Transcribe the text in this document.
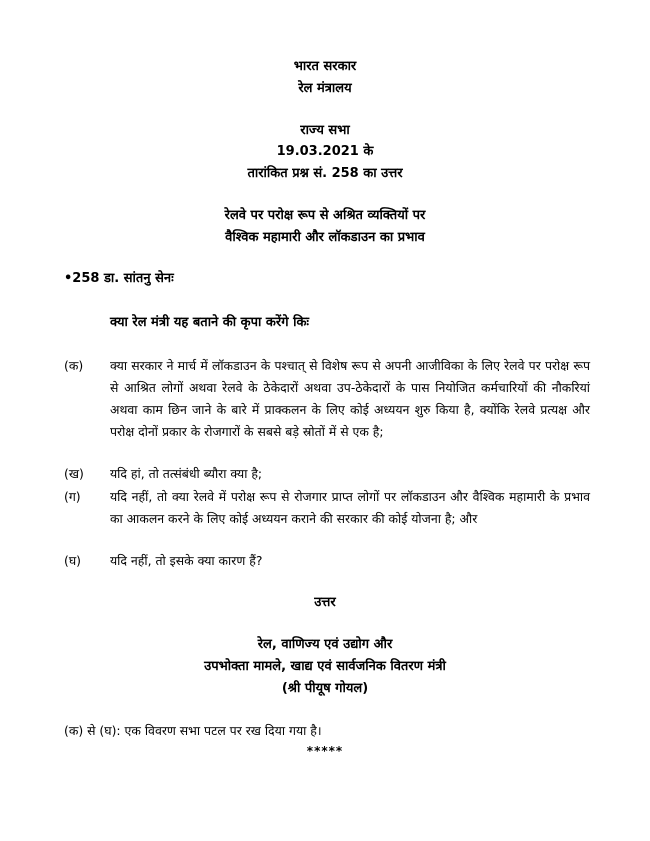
भारत सरकार
रेल मंत्रालय
राज्य सभा
19.03.2021 के
तारांकित प्रश्न सं. 258 का उत्तर
रेलवे पर परोक्ष रूप से अश्रित व्यक्तियों पर
वैश्विक महामारी और लॉकडाउन का प्रभाव
•258 डा. सांतनु सेनः
क्या रेल मंत्री यह बताने की कृपा करेंगे किः
(क) क्या सरकार ने मार्च में लॉकडाउन के पश्चात् से विशेष रूप से अपनी आजीविका के लिए रेलवे पर परोक्ष रूप से आश्रित लोगों अथवा रेलवे के ठेकेदारों अथवा उप-ठेकेदारों के पास नियोजित कर्मचारियों की नौकरियां अथवा काम छिन जाने के बारे में प्राक्कलन के लिए कोई अध्ययन शुरु किया है, क्योंकि रेलवे प्रत्यक्ष और परोक्ष दोनों प्रकार के रोजगारों के सबसे बड़े स्रोतों में से एक है;
(ख) यदि हां, तो तत्संबंधी ब्यौरा क्या है;
(ग) यदि नहीं, तो क्या रेलवे में परोक्ष रूप से रोजगार प्राप्त लोगों पर लॉकडाउन और वैश्विक महामारी के प्रभाव का आकलन करने के लिए कोई अध्ययन कराने की सरकार की कोई योजना है; और
(घ) यदि नहीं, तो इसके क्या कारण हैं?
उत्तर
रेल, वाणिज्य एवं उद्योग और
उपभोक्ता मामले, खाद्य एवं सार्वजनिक वितरण मंत्री
(श्री पीयूष गोयल)
(क) से (घ): एक विवरण सभा पटल पर रख दिया गया है।
*****
